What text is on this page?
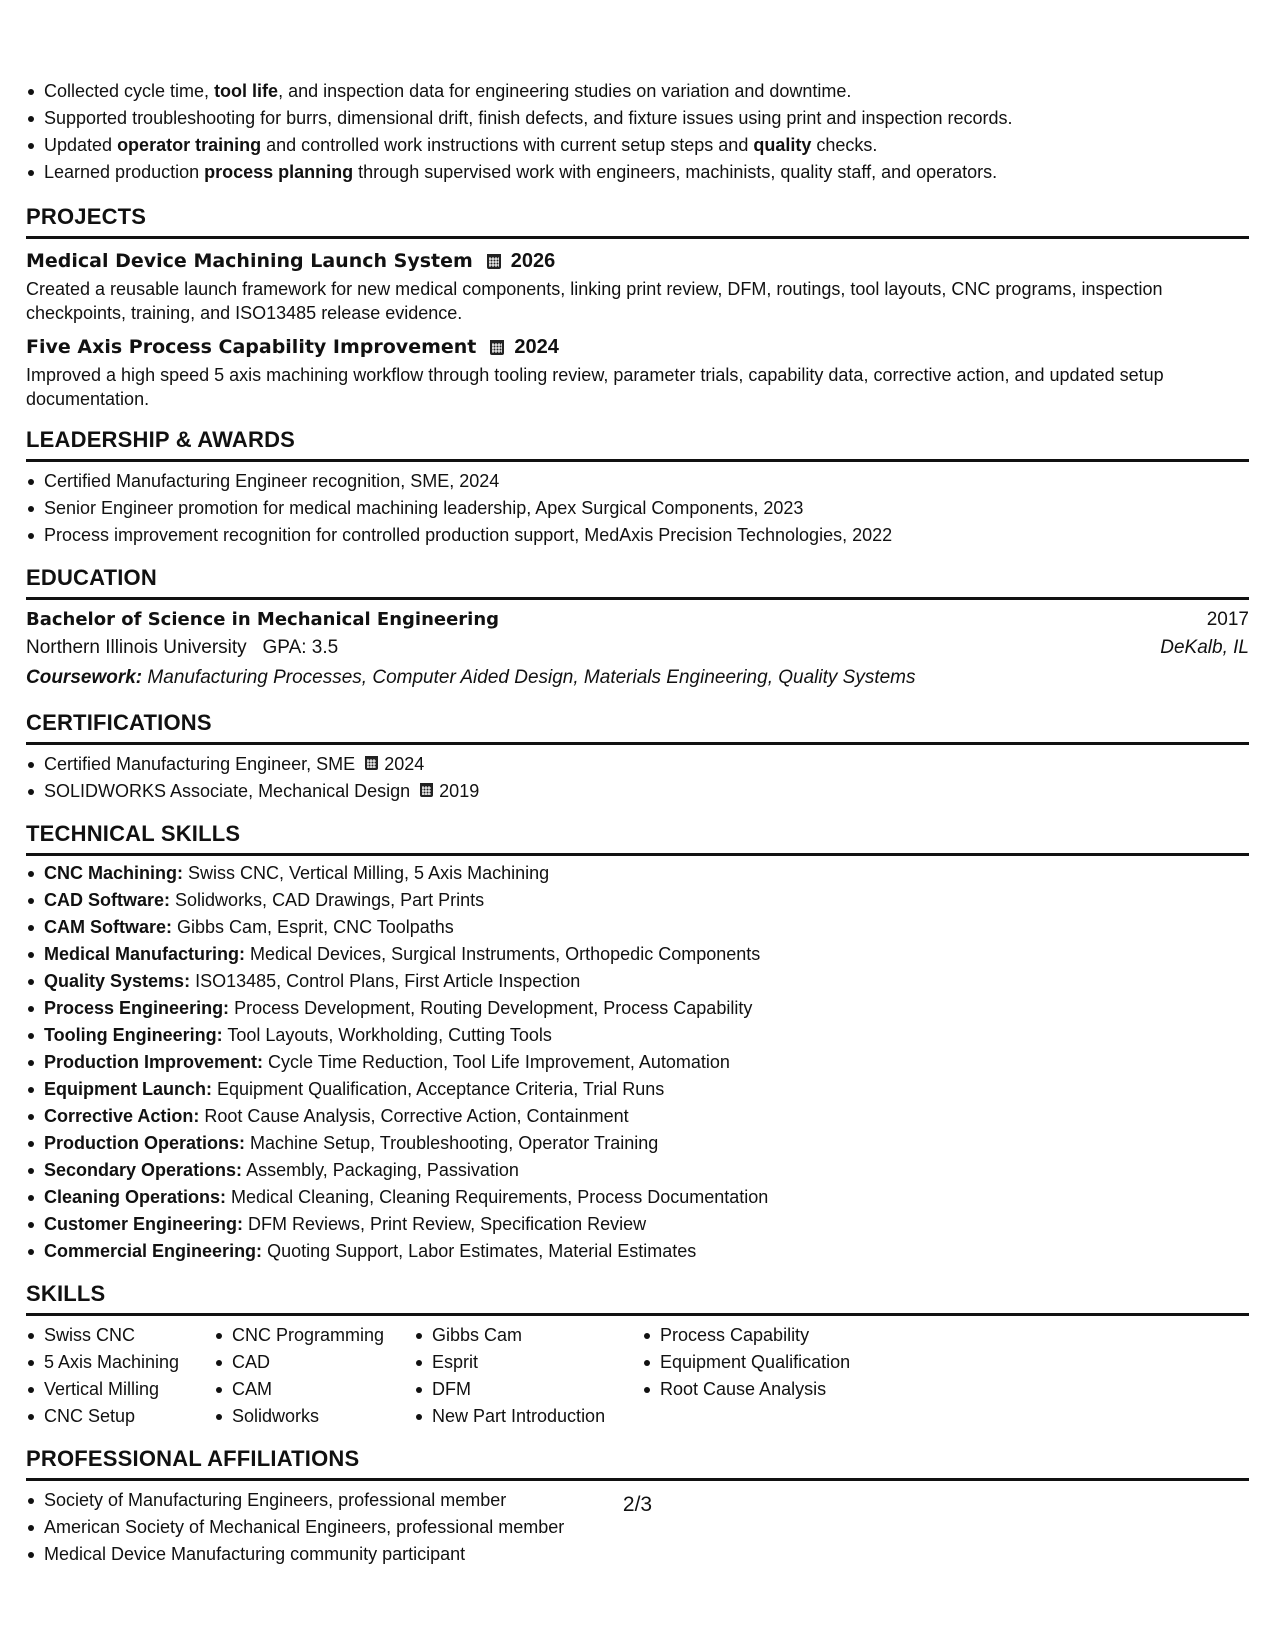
Collected cycle time, tool life, and inspection data for engineering studies on variation and downtime.
Supported troubleshooting for burrs, dimensional drift, finish defects, and fixture issues using print and inspection records.
Updated operator training and controlled work instructions with current setup steps and quality checks.
Learned production process planning through supervised work with engineers, machinists, quality staff, and operators.
PROJECTS
Medical Device Machining Launch System 2026
Created a reusable launch framework for new medical components, linking print review, DFM, routings, tool layouts, CNC programs, inspection checkpoints, training, and ISO13485 release evidence.
Five Axis Process Capability Improvement 2024
Improved a high speed 5 axis machining workflow through tooling review, parameter trials, capability data, corrective action, and updated setup documentation.
LEADERSHIP & AWARDS
Certified Manufacturing Engineer recognition, SME, 2024
Senior Engineer promotion for medical machining leadership, Apex Surgical Components, 2023
Process improvement recognition for controlled production support, MedAxis Precision Technologies, 2022
EDUCATION
Bachelor of Science in Mechanical Engineering	2017
Northern Illinois University GPA: 3.5	DeKalb, IL
Coursework:
Manufacturing Processes, Computer Aided Design, Materials Engineering, Quality Systems
CERTIFICATIONS
Certified Manufacturing Engineer, SME 2024
SOLIDWORKS Associate, Mechanical Design 2019
TECHNICAL SKILLS
CNC Machining: Swiss CNC, Vertical Milling, 5 Axis Machining
CAD Software: Solidworks, CAD Drawings, Part Prints
CAM Software: Gibbs Cam, Esprit, CNC Toolpaths
Medical Manufacturing: Medical Devices, Surgical Instruments, Orthopedic Components
Quality Systems: ISO13485, Control Plans, First Article Inspection
Process Engineering: Process Development, Routing Development, Process Capability
Tooling Engineering: Tool Layouts, Workholding, Cutting Tools
Production Improvement: Cycle Time Reduction, Tool Life Improvement, Automation
Equipment Launch: Equipment Qualification, Acceptance Criteria, Trial Runs
Corrective Action: Root Cause Analysis, Corrective Action, Containment
Production Operations: Machine Setup, Troubleshooting, Operator Training
Secondary Operations: Assembly, Packaging, Passivation
Cleaning Operations: Medical Cleaning, Cleaning Requirements, Process Documentation
Customer Engineering: DFM Reviews, Print Review, Specification Review
Commercial Engineering: Quoting Support, Labor Estimates, Material Estimates
SKILLS
Swiss CNC
5 Axis Machining
Vertical Milling
CNC Setup
CNC Programming
CAD
CAM
Solidworks
Gibbs Cam
Esprit
DFM
New Part Introduction
Process Capability
Equipment Qualification
Root Cause Analysis
PROFESSIONAL AFFILIATIONS
Society of Manufacturing Engineers, professional member
American Society of Mechanical Engineers, professional member
Medical Device Manufacturing community participant
2/3
